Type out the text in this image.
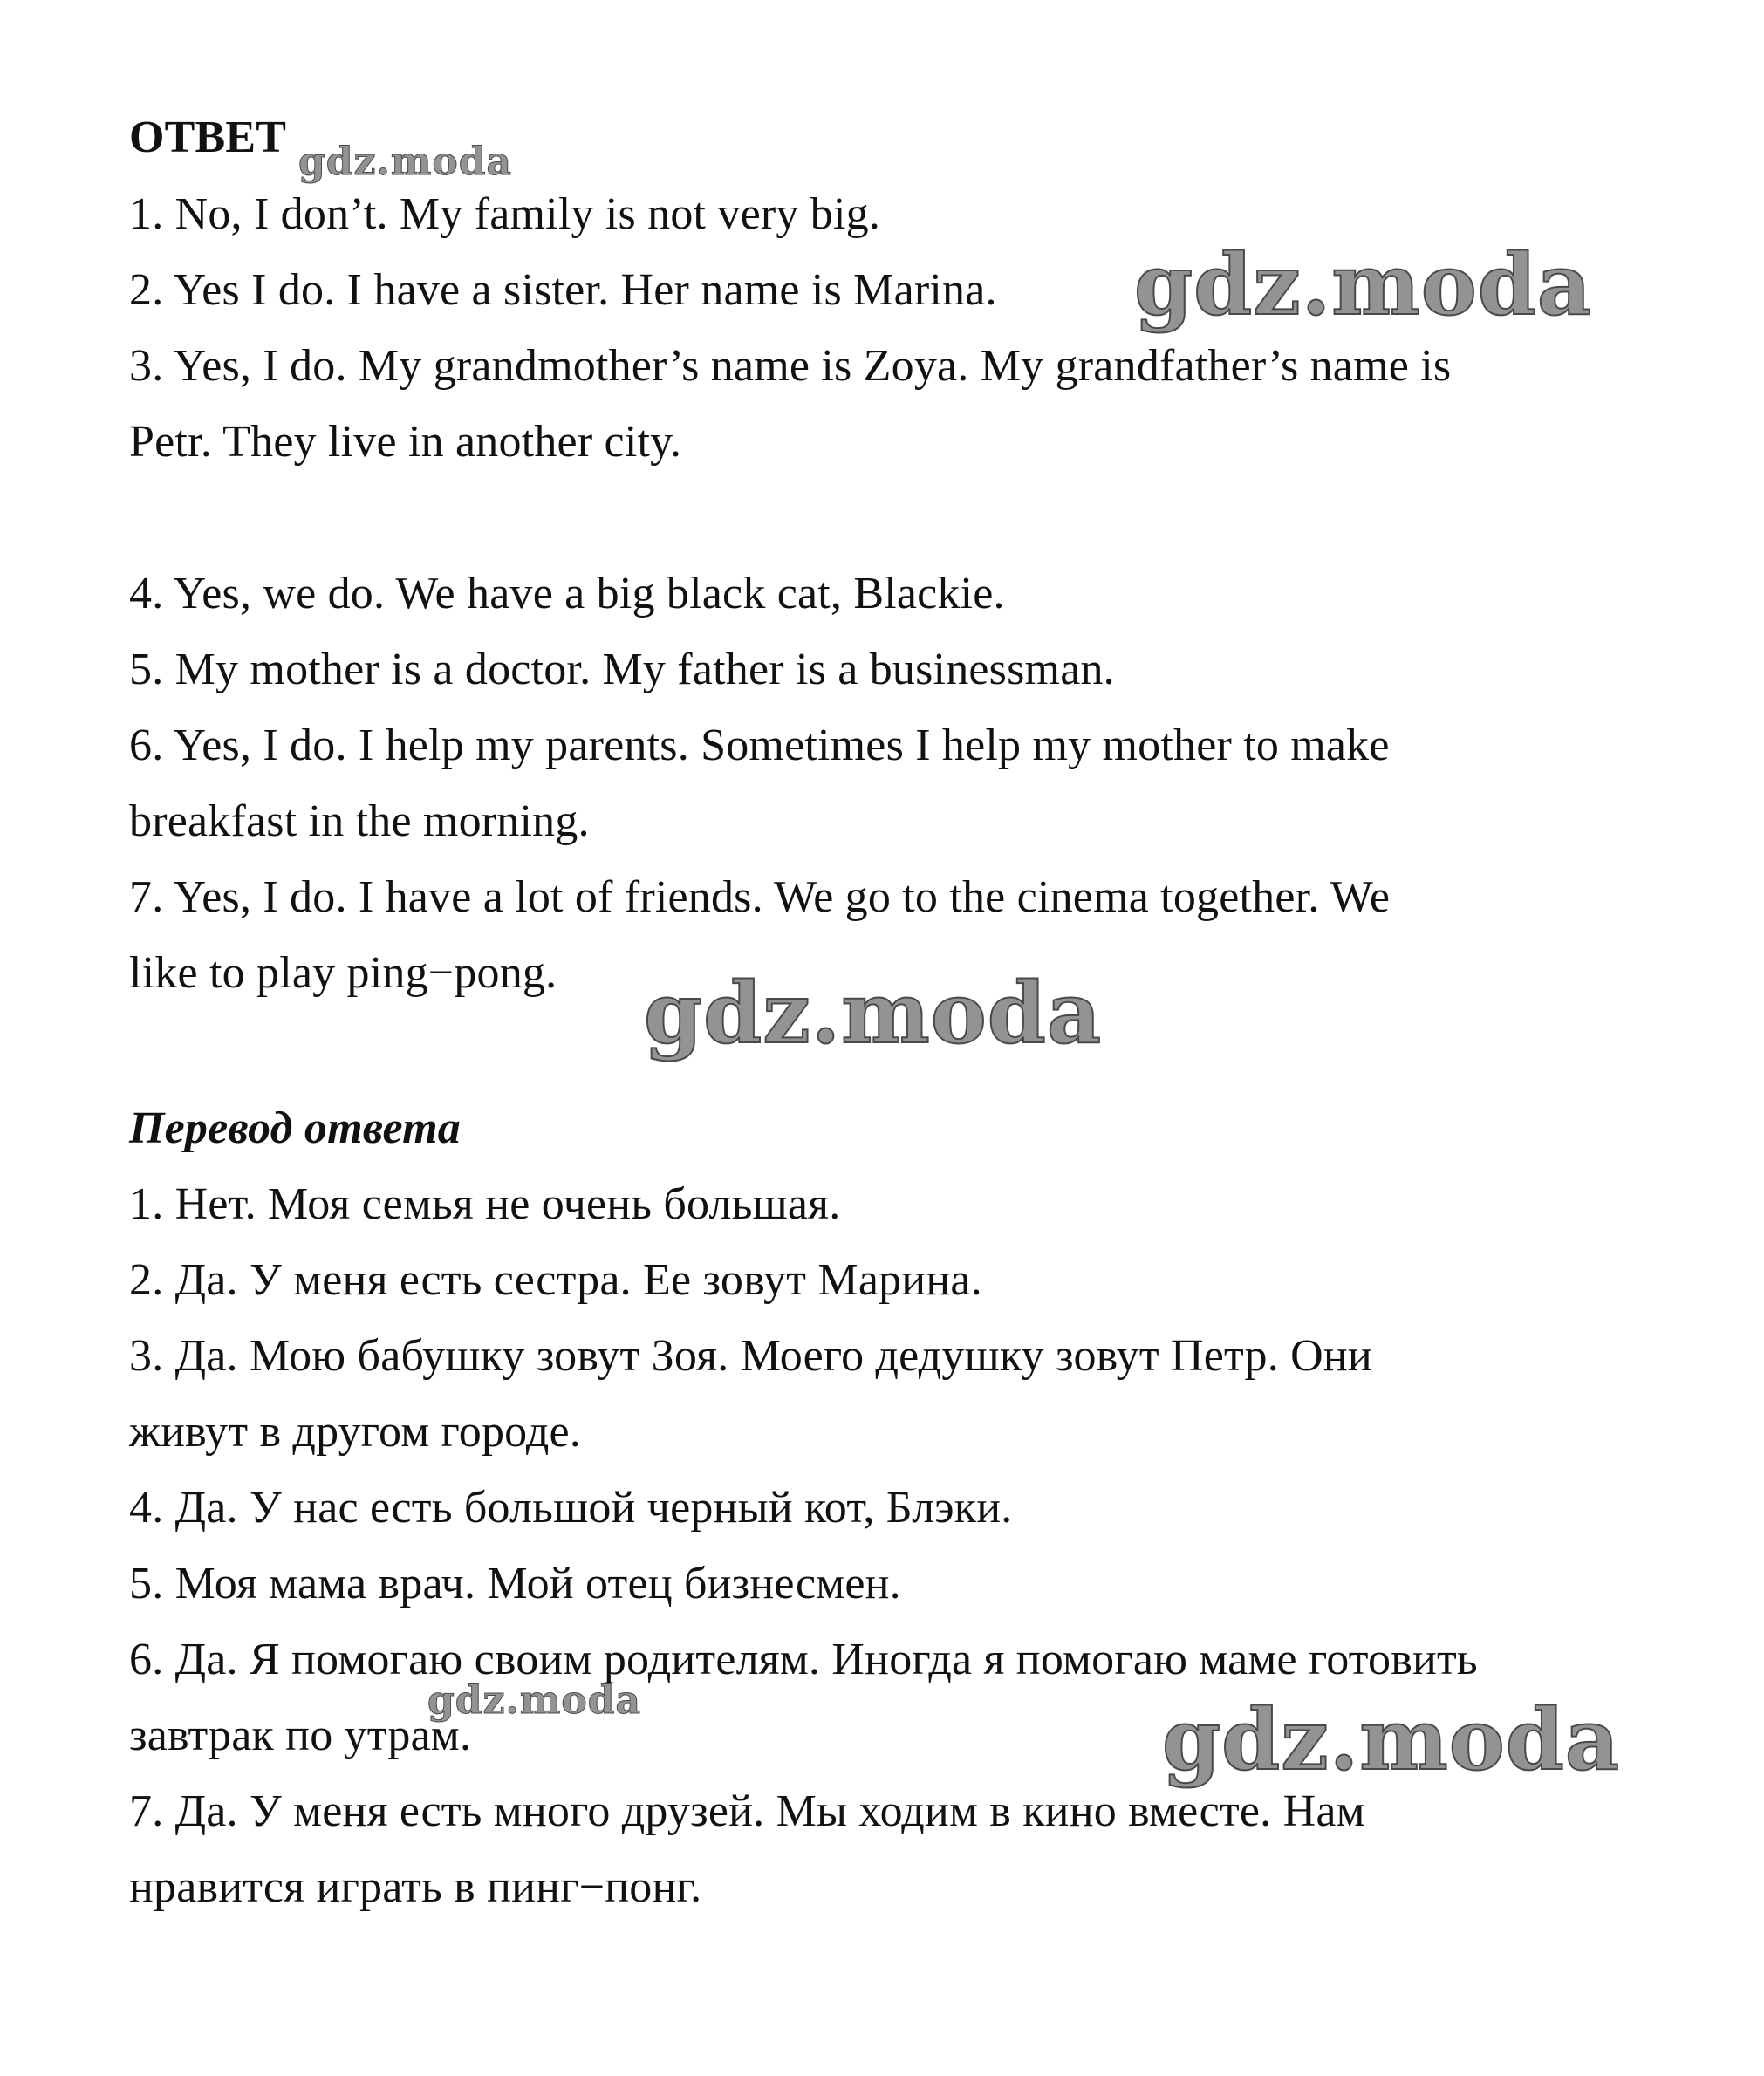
ОТВЕТ
1. No, I don’t. My family is not very big.
2. Yes I do. I have a sister. Her name is Marina.
3. Yes, I do. My grandmother’s name is Zoya. My grandfather’s name is
Petr. They live in another city.
4. Yes, we do. We have a big black cat, Blackie.
5. My mother is a doctor. My father is a businessman.
6. Yes, I do. I help my parents. Sometimes I help my mother to make
breakfast in the morning.
7. Yes, I do. I have a lot of friends. We go to the cinema together. We
like to play ping−pong.
Перевод ответа
1. Нет. Моя семья не очень большая.
2. Да. У меня есть сестра. Ее зовут Марина.
3. Да. Мою бабушку зовут Зоя. Моего дедушку зовут Петр. Они
живут в другом городе.
4. Да. У нас есть большой черный кот, Блэки.
5. Моя мама врач. Мой отец бизнесмен.
6. Да. Я помогаю своим родителям. Иногда я помогаю маме готовить
завтрак по утрам.
7. Да. У меня есть много друзей. Мы ходим в кино вместе. Нам
нравится играть в пинг−понг.
gdz.moda
gdz.moda
gdz.moda
gdz.moda	gdz.moda
